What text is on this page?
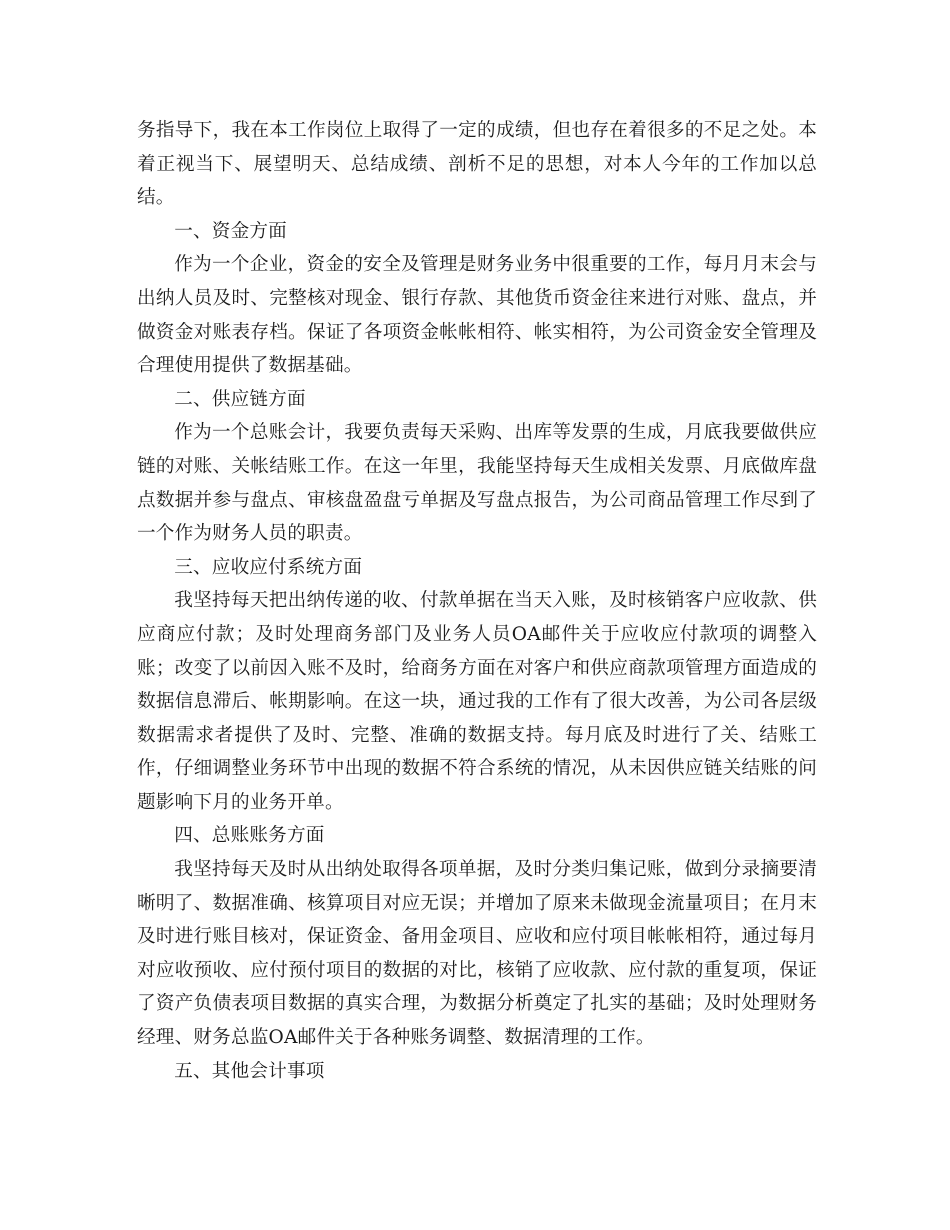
务指导下，我在本工作岗位上取得了一定的成绩，但也存在着很多的不足之处。本着正视当下、展望明天、总结成绩、剖析不足的思想，对本人今年的工作加以总结。

一、资金方面

作为一个企业，资金的安全及管理是财务业务中很重要的工作，每月月末会与出纳人员及时、完整核对现金、银行存款、其他货币资金往来进行对账、盘点，并做资金对账表存档。保证了各项资金帐帐相符、帐实相符，为公司资金安全管理及合理使用提供了数据基础。

二、供应链方面

作为一个总账会计，我要负责每天采购、出库等发票的生成，月底我要做供应链的对账、关帐结账工作。在这一年里，我能坚持每天生成相关发票、月底做库盘点数据并参与盘点、审核盘盈盘亏单据及写盘点报告，为公司商品管理工作尽到了一个作为财务人员的职责。

三、应收应付系统方面

我坚持每天把出纳传递的收、付款单据在当天入账，及时核销客户应收款、供应商应付款；及时处理商务部门及业务人员OA邮件关于应收应付款项的调整入账；改变了以前因入账不及时，给商务方面在对客户和供应商款项管理方面造成的数据信息滞后、帐期影响。在这一块，通过我的工作有了很大改善，为公司各层级数据需求者提供了及时、完整、准确的数据支持。每月底及时进行了关、结账工作，仔细调整业务环节中出现的数据不符合系统的情况，从未因供应链关结账的问题影响下月的业务开单。

四、总账账务方面

我坚持每天及时从出纳处取得各项单据，及时分类归集记账，做到分录摘要清晰明了、数据准确、核算项目对应无误；并增加了原来未做现金流量项目；在月末及时进行账目核对，保证资金、备用金项目、应收和应付项目帐帐相符，通过每月对应收预收、应付预付项目的数据的对比，核销了应收款、应付款的重复项，保证了资产负债表项目数据的真实合理，为数据分析奠定了扎实的基础；及时处理财务经理、财务总监OA邮件关于各种账务调整、数据清理的工作。

五、其他会计事项
